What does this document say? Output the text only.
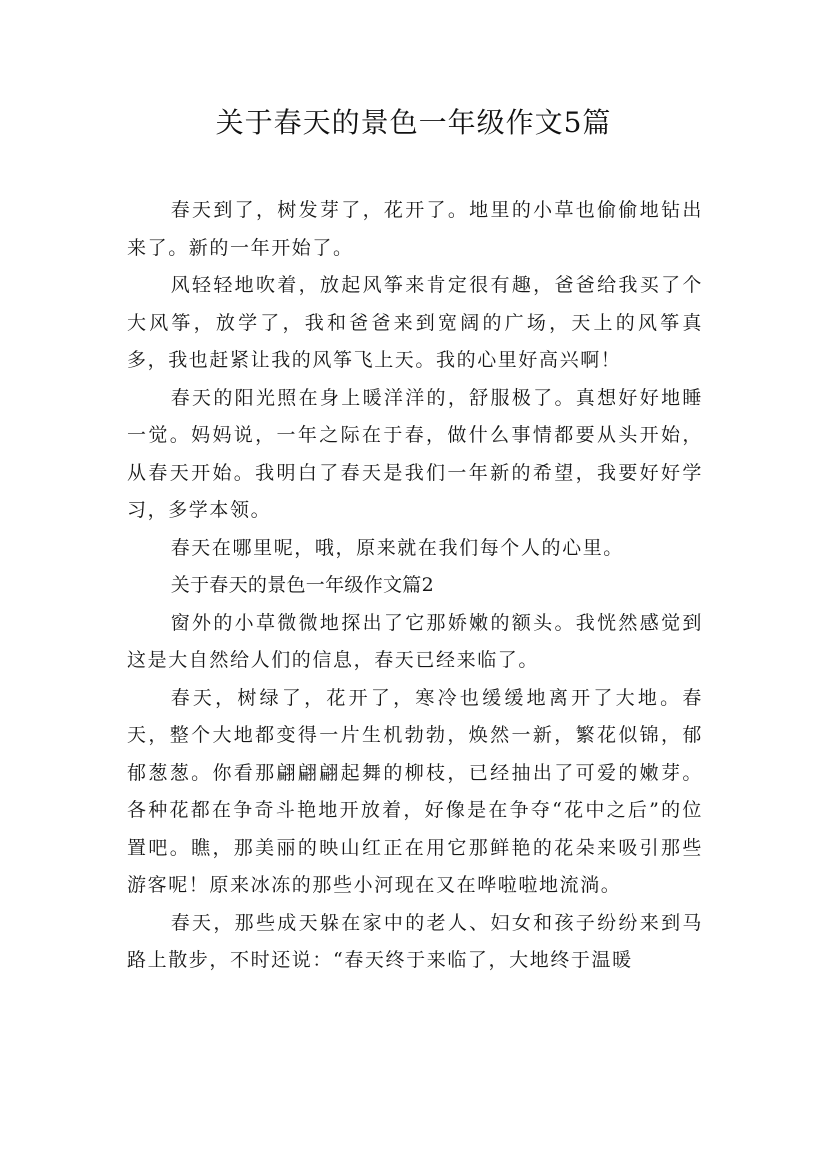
关于春天的景色一年级作文5篇

春天到了，树发芽了，花开了。地里的小草也偷偷地钻出来了。新的一年开始了。

风轻轻地吹着，放起风筝来肯定很有趣，爸爸给我买了个大风筝，放学了，我和爸爸来到宽阔的广场，天上的风筝真多，我也赶紧让我的风筝飞上天。我的心里好高兴啊！

春天的阳光照在身上暖洋洋的，舒服极了。真想好好地睡一觉。妈妈说，一年之际在于春，做什么事情都要从头开始，从春天开始。我明白了春天是我们一年新的希望，我要好好学习，多学本领。

春天在哪里呢，哦，原来就在我们每个人的心里。

关于春天的景色一年级作文篇2

窗外的小草微微地探出了它那娇嫩的额头。我恍然感觉到这是大自然给人们的信息，春天已经来临了。

春天，树绿了，花开了，寒冷也缓缓地离开了大地。春天，整个大地都变得一片生机勃勃，焕然一新，繁花似锦，郁郁葱葱。你看那翩翩翩起舞的柳枝，已经抽出了可爱的嫩芽。各种花都在争奇斗艳地开放着，好像是在争夺“花中之后”的位置吧。瞧，那美丽的映山红正在用它那鲜艳的花朵来吸引那些游客呢！原来冰冻的那些小河现在又在哗啦啦地流淌。

春天，那些成天躲在家中的老人、妇女和孩子纷纷来到马路上散步，不时还说：“春天终于来临了，大地终于温暖
